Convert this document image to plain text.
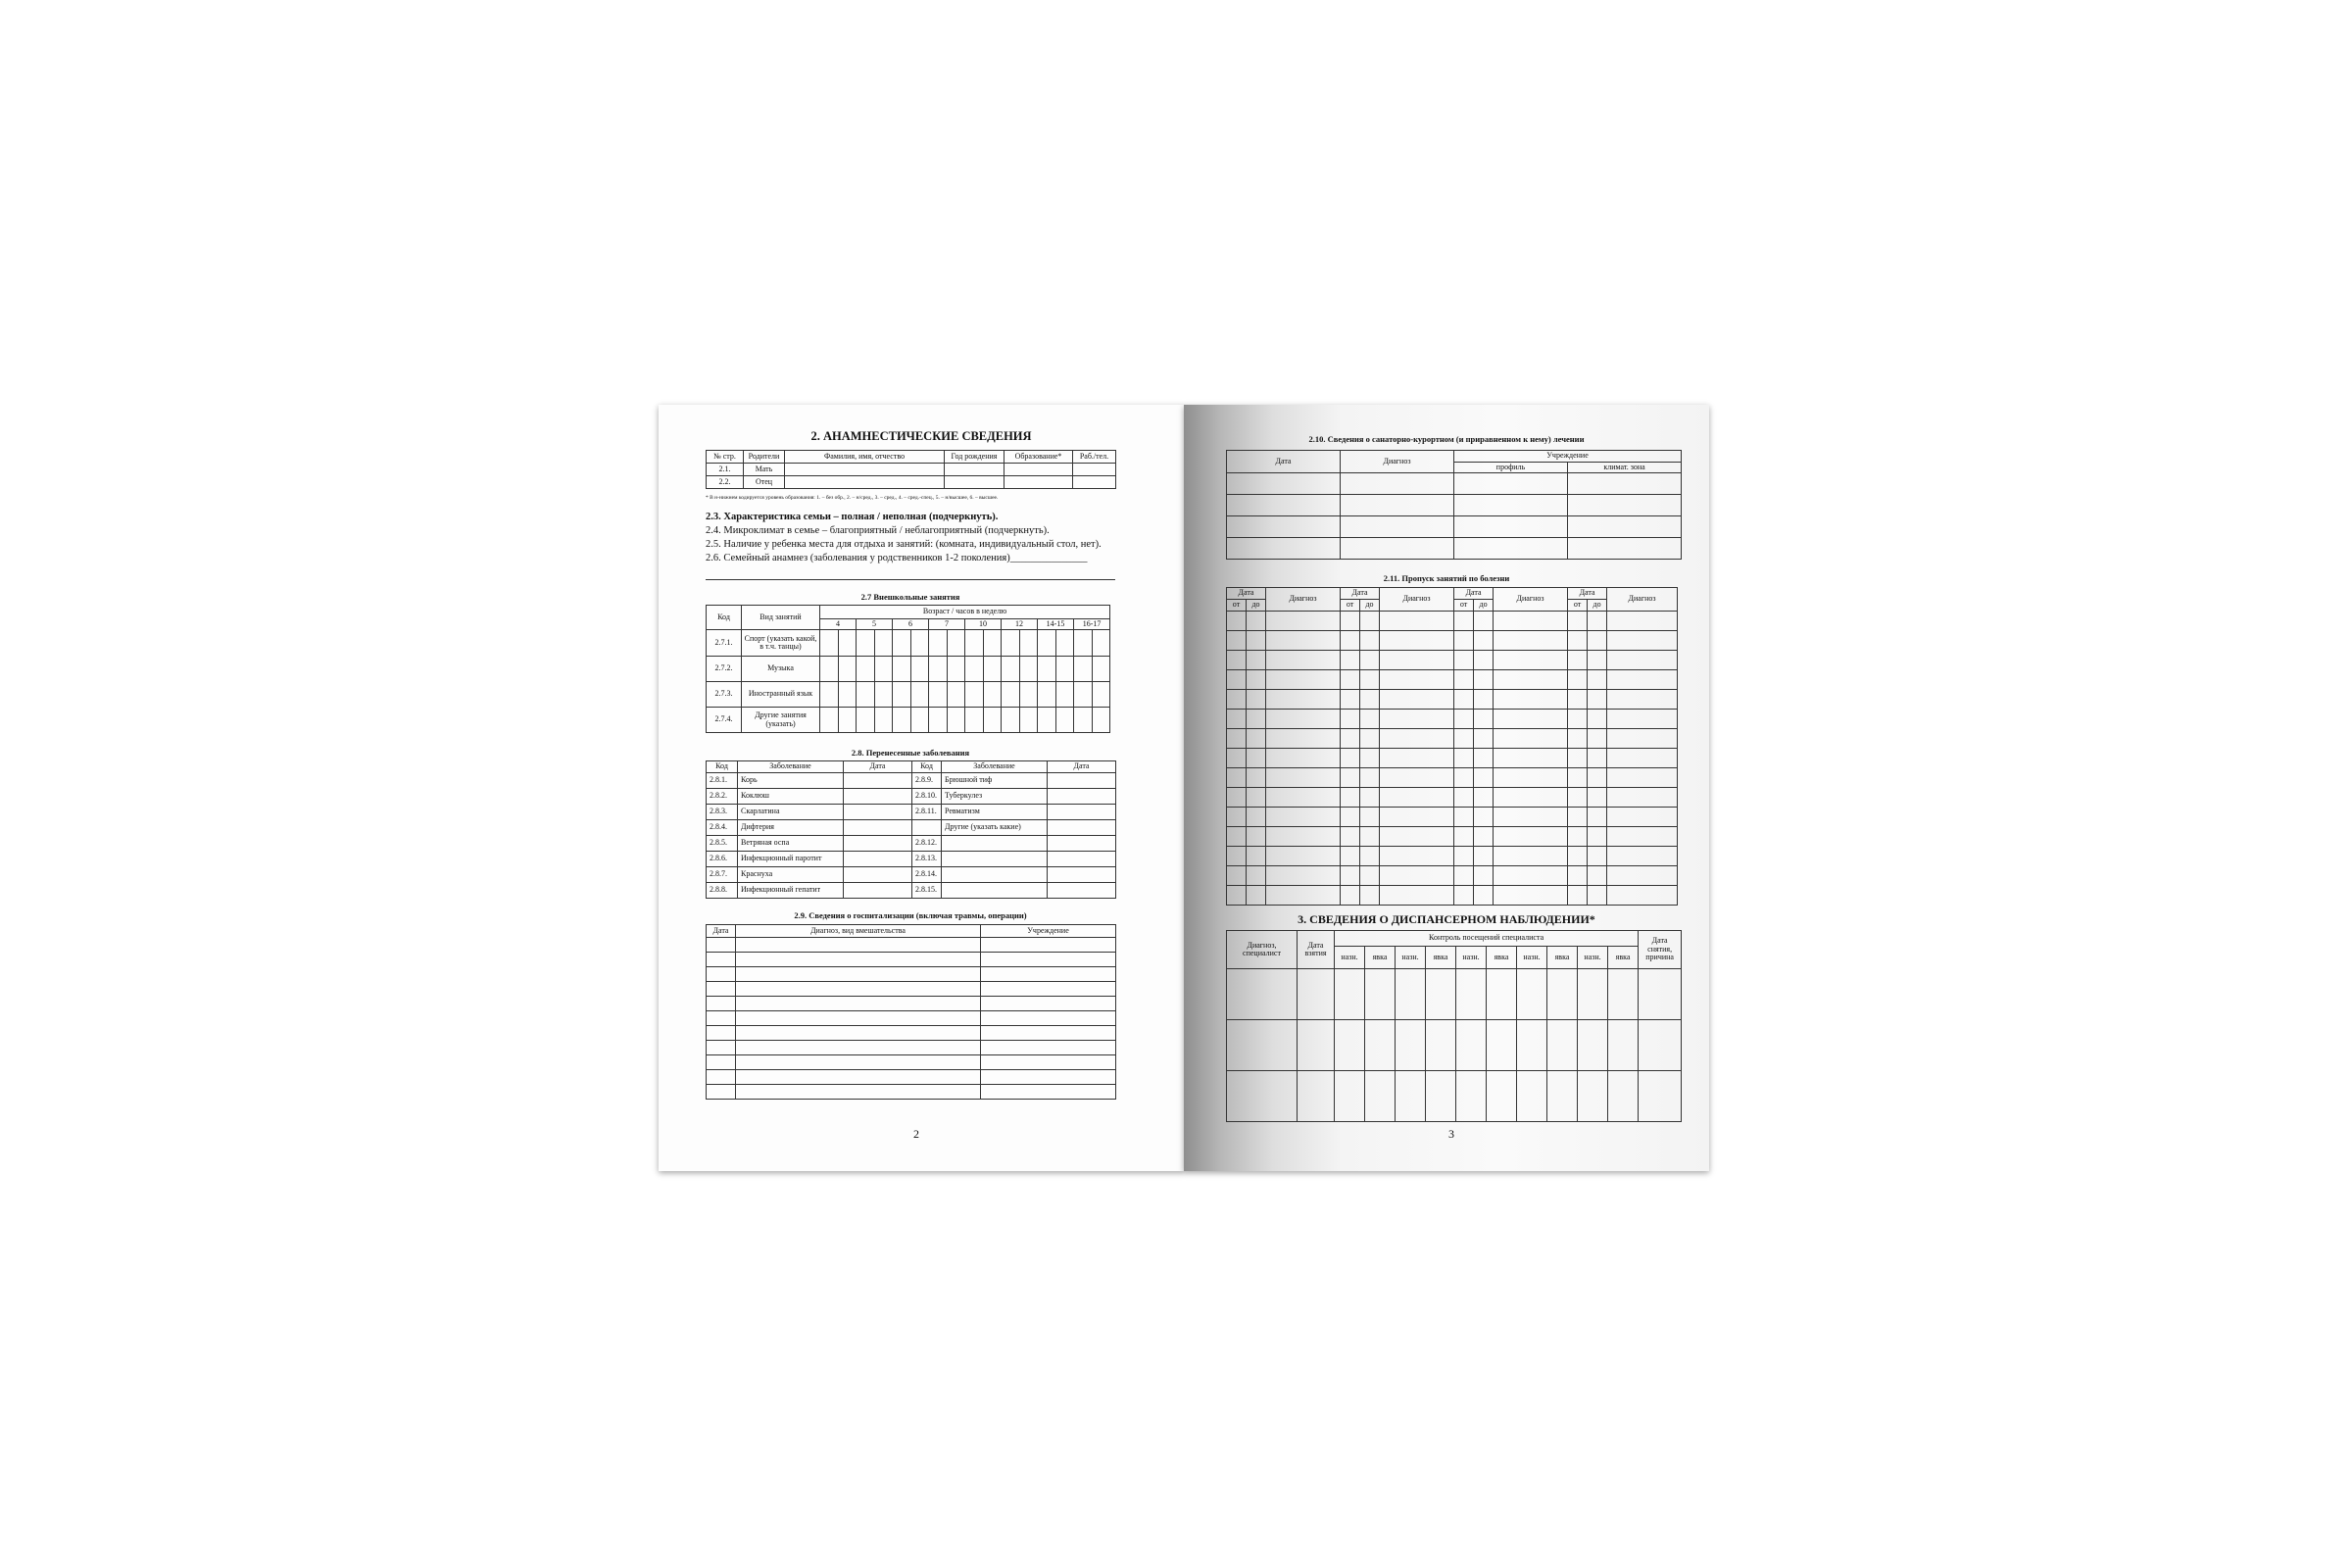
2. АНАМНЕСТИЧЕСКИЕ СВЕДЕНИЯ
№ стр.	Родители	Фамилия, имя, отчество	Год рождения	Образование*	Раб./тел.
2.1.	Мать				
2.2.	Отец				
* В н-нижнем кодируется уровень образования: 1. – без обр., 2. – н/сред., 3. – сред., 4. – сред.-спец., 5. – н/высшее, 6. – высшее.
2.3. Характеристика семьи – полная / неполная (подчеркнуть).
2.4. Микроклимат в семье – благоприятный / неблагоприятный (подчеркнуть).
2.5. Наличие у ребенка места для отдыха и занятий: (комната, индивидуальный стол, нет).
2.6. Семейный анамнез (заболевания у родственников 1-2 поколения)_______________
2.7 Внешкольные занятия
Код	Вид занятий	Возраст / часов в неделю															
		4		5		6		7		10		12		14-15		16-17	
2.7.1.	Спорт (указать какой, в т.ч. танцы)																
2.7.2.	Музыка																
2.7.3.	Иностранный язык																
2.7.4.	Другие занятия (указать)																
2.8. Перенесенные заболевания
Код	Заболевание	Дата	Код	Заболевание	Дата
2.8.1.	Корь		2.8.9.	Брюшной тиф	
2.8.2.	Коклюш		2.8.10.	Туберкулез	
2.8.3.	Скарлатина		2.8.11.	Ревматизм	
2.8.4.	Дифтерия			Другие (указать какие)	
2.8.5.	Ветряная оспа		2.8.12.		
2.8.6.	Инфекционный паротит		2.8.13.		
2.8.7.	Краснуха		2.8.14.		
2.8.8.	Инфекционный гепатит		2.8.15.		
2.9. Сведения о госпитализации (включая травмы, операции)
Дата	Диагноз, вид вмешательства	Учреждение

2
2.10. Сведения о санаторно-курортном (и приравненном к нему) лечении
Дата	Диагноз	Учреждение	
		профиль	климат. зона

2.11. Пропуск занятий по болезни
Дата		Диагноз	Дата		Диагноз	Дата		Диагноз	Дата		Диагноз
от	до		от	до		от	до		от	до	

3. СВЕДЕНИЯ О ДИСПАНСЕРНОМ НАБЛЮДЕНИИ*
Диагноз, специалист	Дата взятия	Контроль посещений специалиста										Дата снятия, причина
		назн.	явка	назн.	явка	назн.	явка	назн.	явка	назн.	явка	

3
